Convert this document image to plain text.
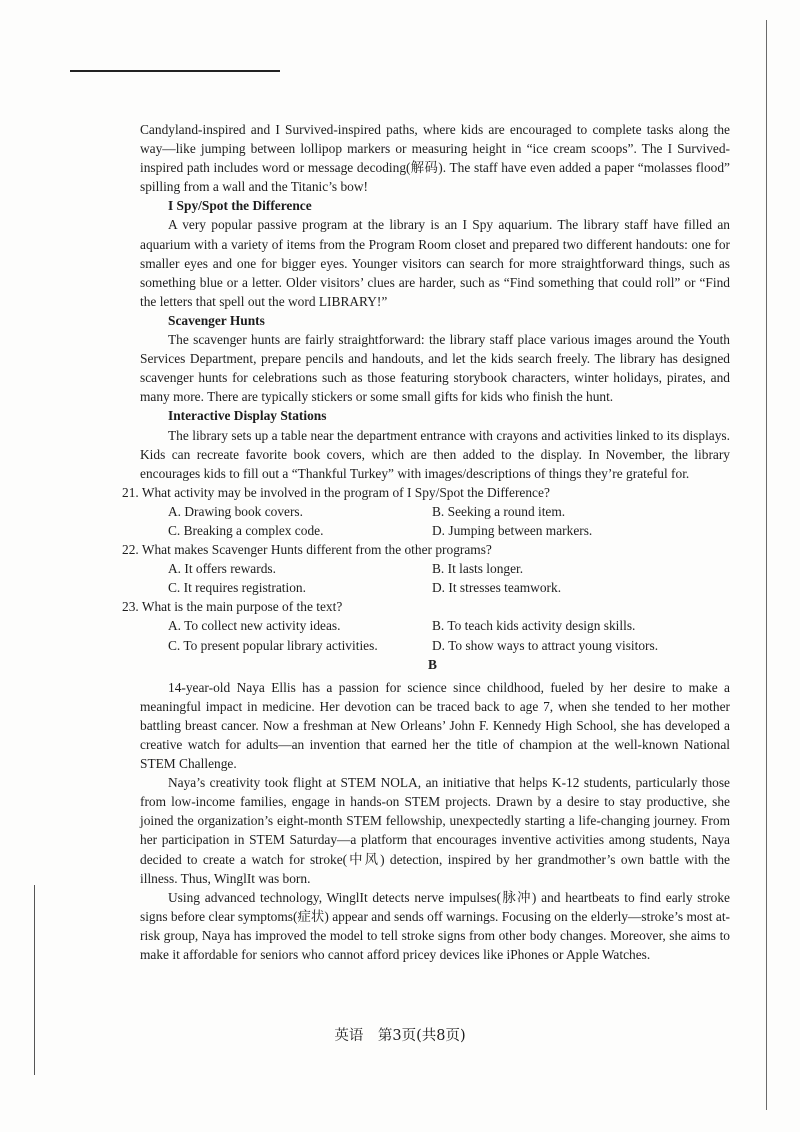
Candyland-inspired and I Survived-inspired paths, where kids are encouraged to complete tasks along the way—like jumping between lollipop markers or measuring height in “ice cream scoops”. The I Survived-inspired path includes word or message decoding(解码). The staff have even added a paper “molasses flood” spilling from a wall and the Titanic’s bow!

I Spy/Spot the Difference

A very popular passive program at the library is an I Spy aquarium. The library staff have filled an aquarium with a variety of items from the Program Room closet and prepared two different handouts: one for smaller eyes and one for bigger eyes. Younger visitors can search for more straightforward things, such as something blue or a letter. Older visitors’ clues are harder, such as “Find something that could roll” or “Find the letters that spell out the word LIBRARY!”

Scavenger Hunts

The scavenger hunts are fairly straightforward: the library staff place various images around the Youth Services Department, prepare pencils and handouts, and let the kids search freely. The library has designed scavenger hunts for celebrations such as those featuring storybook characters, winter holidays, pirates, and many more. There are typically stickers or some small gifts for kids who finish the hunt.

Interactive Display Stations

The library sets up a table near the department entrance with crayons and activities linked to its displays. Kids can recreate favorite book covers, which are then added to the display. In November, the library encourages kids to fill out a “Thankful Turkey” with images/descriptions of things they’re grateful for.

21. What activity may be involved in the program of I Spy/Spot the Difference?

A. Drawing book covers.	B. Seeking a round item.
C. Breaking a complex code.	D. Jumping between markers.

22. What makes Scavenger Hunts different from the other programs?

A. It offers rewards.	B. It lasts longer.
C. It requires registration.	D. It stresses teamwork.

23. What is the main purpose of the text?

A. To collect new activity ideas.	B. To teach kids activity design skills.
C. To present popular library activities.	D. To show ways to attract young visitors.

B

14-year-old Naya Ellis has a passion for science since childhood, fueled by her desire to make a meaningful impact in medicine. Her devotion can be traced back to age 7, when she tended to her mother battling breast cancer. Now a freshman at New Orleans’ John F. Kennedy High School, she has developed a creative watch for adults—an invention that earned her the title of champion at the well-known National STEM Challenge.

Naya’s creativity took flight at STEM NOLA, an initiative that helps K-12 students, particularly those from low-income families, engage in hands-on STEM projects. Drawn by a desire to stay productive, she joined the organization’s eight-month STEM fellowship, unexpectedly starting a life-changing journey. From her participation in STEM Saturday—a platform that encourages inventive activities among students, Naya decided to create a watch for stroke(中风) detection, inspired by her grandmother’s own battle with the illness. Thus, WinglIt was born.

Using advanced technology, WinglIt detects nerve impulses(脉冲) and heartbeats to find early stroke signs before clear symptoms(症状) appear and sends off warnings. Focusing on the elderly—stroke’s most at-risk group, Naya has improved the model to tell stroke signs from other body changes. Moreover, she aims to make it affordable for seniors who cannot afford pricey devices like iPhones or Apple Watches.

英语　第3页(共8页)
